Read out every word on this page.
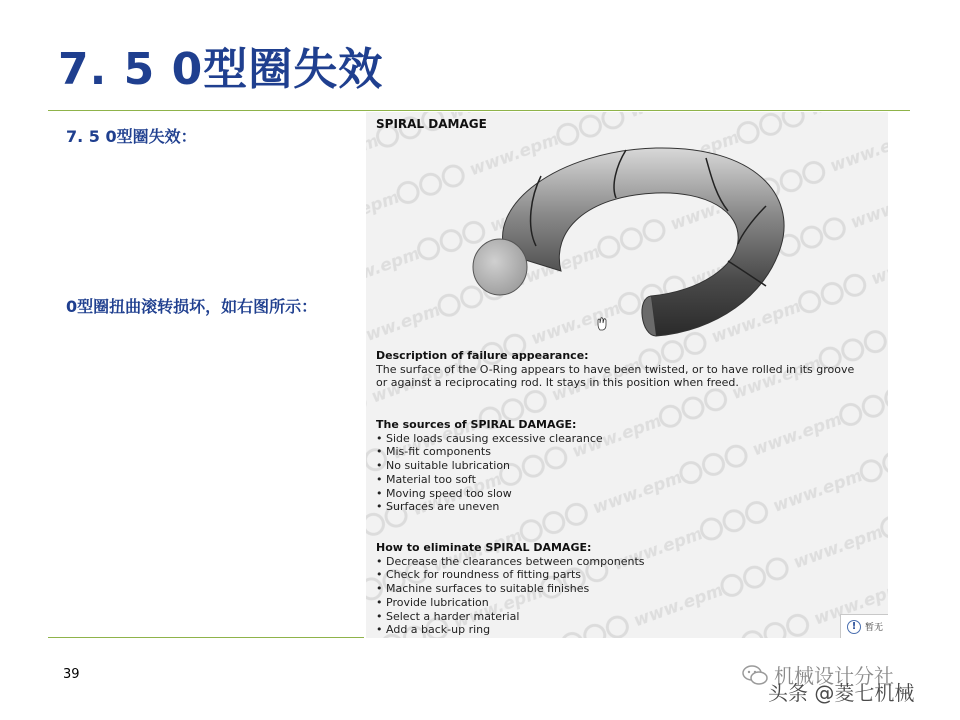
7. 5 0型圈失效
7. 5 0型圈失效：
0型圈扭曲滚转损坏，如右图所示：
SPIRAL DAMAGE
Description of failure appearance:
The surface of the O-Ring appears to have been twisted, or to have rolled in its groove
or against a reciprocating rod. It stays in this position when freed.
The sources of SPIRAL DAMAGE:
• Side loads causing excessive clearance
• Mis-fit components
• No suitable lubrication
• Material too soft
• Moving speed too slow
• Surfaces are uneven
How to eliminate SPIRAL DAMAGE:
• Decrease the clearances between components
• Check for roundness of fitting parts
• Machine surfaces to suitable finishes
• Provide lubrication
• Select a harder material
• Add a back-up ring	! 暂无
39	机械设计分社
头条 @菱七机械
